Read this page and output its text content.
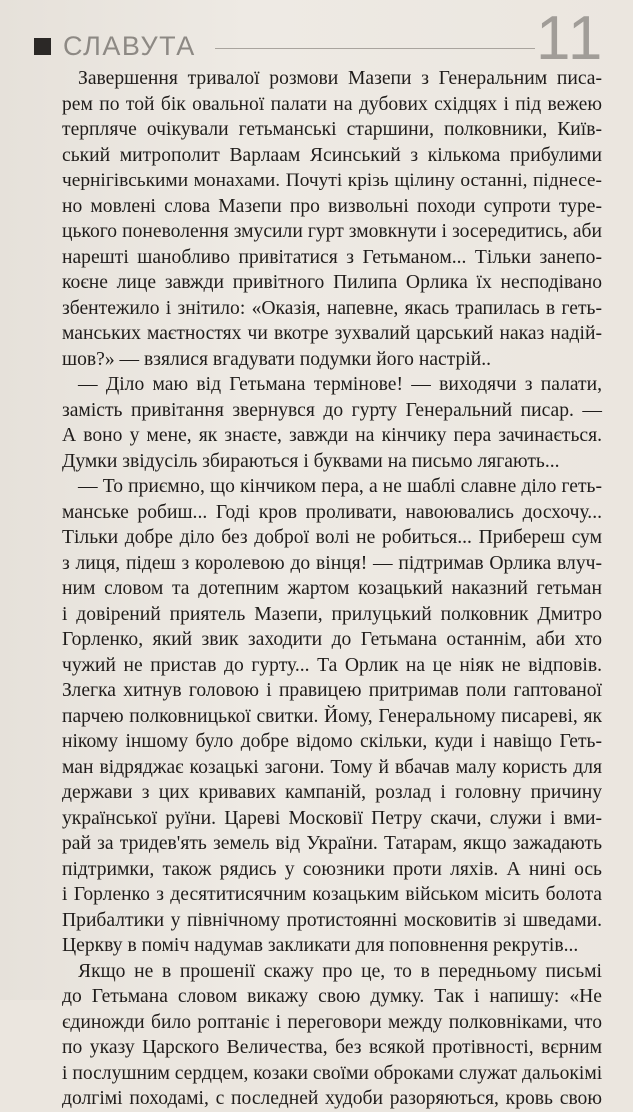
СЛАВУТА	11
Завершення тривалої розмови Мазепи з Генеральним писа-
рем по той бік овальної палати на дубових східцях і під вежею
терпляче очікували гетьманські старшини, полковники, Київ-
ський митрополит Варлаам Ясинський з кількома прибулими
чернігівськими монахами. Почуті крізь щілину останні, піднесе-
но мовлені слова Мазепи про визвольні походи супроти туре-
цького поневолення змусили гурт змовкнути і зосередитись, аби
нарешті шанобливо привітатися з Гетьманом... Тільки занепо-
коєне лице завжди привітного Пилипа Орлика їх несподівано
збентежило і знітило: «Оказія, напевне, якась трапилась в геть-
манських маєтностях чи вкотре зухвалий царський наказ надій-
шов?» — взялися вгадувати подумки його настрій..
— Діло маю від Гетьмана термінове! — виходячи з палати,
замість привітання звернувся до гурту Генеральний писар. —
А воно у мене, як знаєте, завжди на кінчику пера зачинається.
Думки звідусіль збираються і буквами на письмо лягають...
— То приємно, що кінчиком пера, а не шаблі славне діло геть-
манське робиш... Годі кров проливати, навоювались досхочу...
Тільки добре діло без доброї волі не робиться... Прибереш сум
з лиця, підеш з королевою до вінця! — підтримав Орлика влуч-
ним словом та дотепним жартом козацький наказний гетьман
і довірений приятель Мазепи, прилуцький полковник Дмитро
Горленко, який звик заходити до Гетьмана останнім, аби хто
чужий не пристав до гурту... Та Орлик на це ніяк не відповів.
Злегка хитнув головою і правицею притримав поли гаптованої
парчею полковницької свитки. Йому, Генеральному писареві, як
нікому іншому було добре відомо скільки, куди і навіщо Геть-
ман відряджає козацькі загони. Тому й вбачав малу користь для
держави з цих кривавих кампаній, розлад і головну причину
української руїни. Цареві Московії Петру скачи, служи і вми-
рай за тридев'ять земель від України. Татарам, якщо зажадають
підтримки, також рядись у союзники проти ляхів. А нині ось
і Горленко з десятитисячним козацьким військом місить болота
Прибалтики у північному протистоянні московитів зі шведами.
Церкву в поміч надумав закликати для поповнення рекрутів...
Якщо не в прошенії скажу про це, то в передньому письмі
до Гетьмана словом викажу свою думку. Так і напишу: «Не
єдиножди било роптаніє і переговори между полковніками, что
по указу Царского Величества, без всякой протівності, вєрним
і послушним сердцем, козаки своїми оброками служат дальокімі
долгімі походамі, с последней худоби разоряються, кровь свою
